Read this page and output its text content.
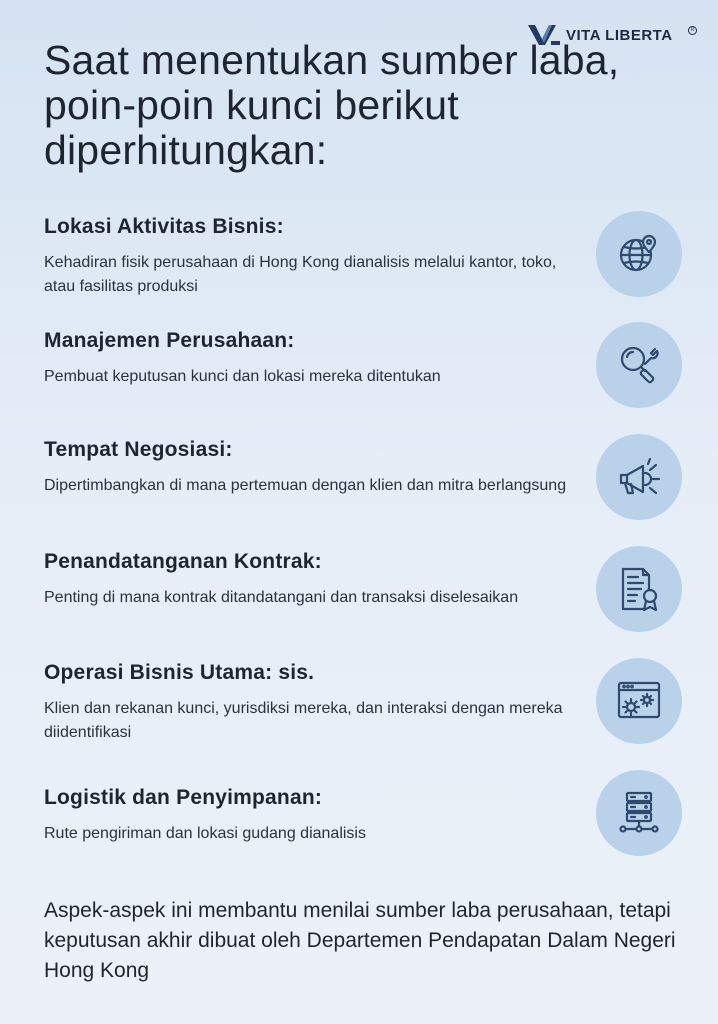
VITA LIBERTA	R
Saat menentukan sumber laba, poin-poin kunci berikut diperhitungkan:
Lokasi Aktivitas Bisnis:

Kehadiran fisik perusahaan di Hong Kong dianalisis melalui kantor, toko, atau fasilitas produksi

Manajemen Perusahaan:

Pembuat keputusan kunci dan lokasi mereka ditentukan

Tempat Negosiasi:

Dipertimbangkan di mana pertemuan dengan klien dan mitra berlangsung

Penandatanganan Kontrak:

Penting di mana kontrak ditandatangani dan transaksi diselesaikan

Operasi Bisnis Utama: sis.

Klien dan rekanan kunci, yurisdiksi mereka, dan interaksi dengan mereka diidentifikasi

Logistik dan Penyimpanan:

Rute pengiriman dan lokasi gudang dianalisis

Aspek-aspek ini membantu menilai sumber laba perusahaan, tetapi keputusan akhir dibuat oleh Departemen Pendapatan Dalam Negeri Hong Kong
